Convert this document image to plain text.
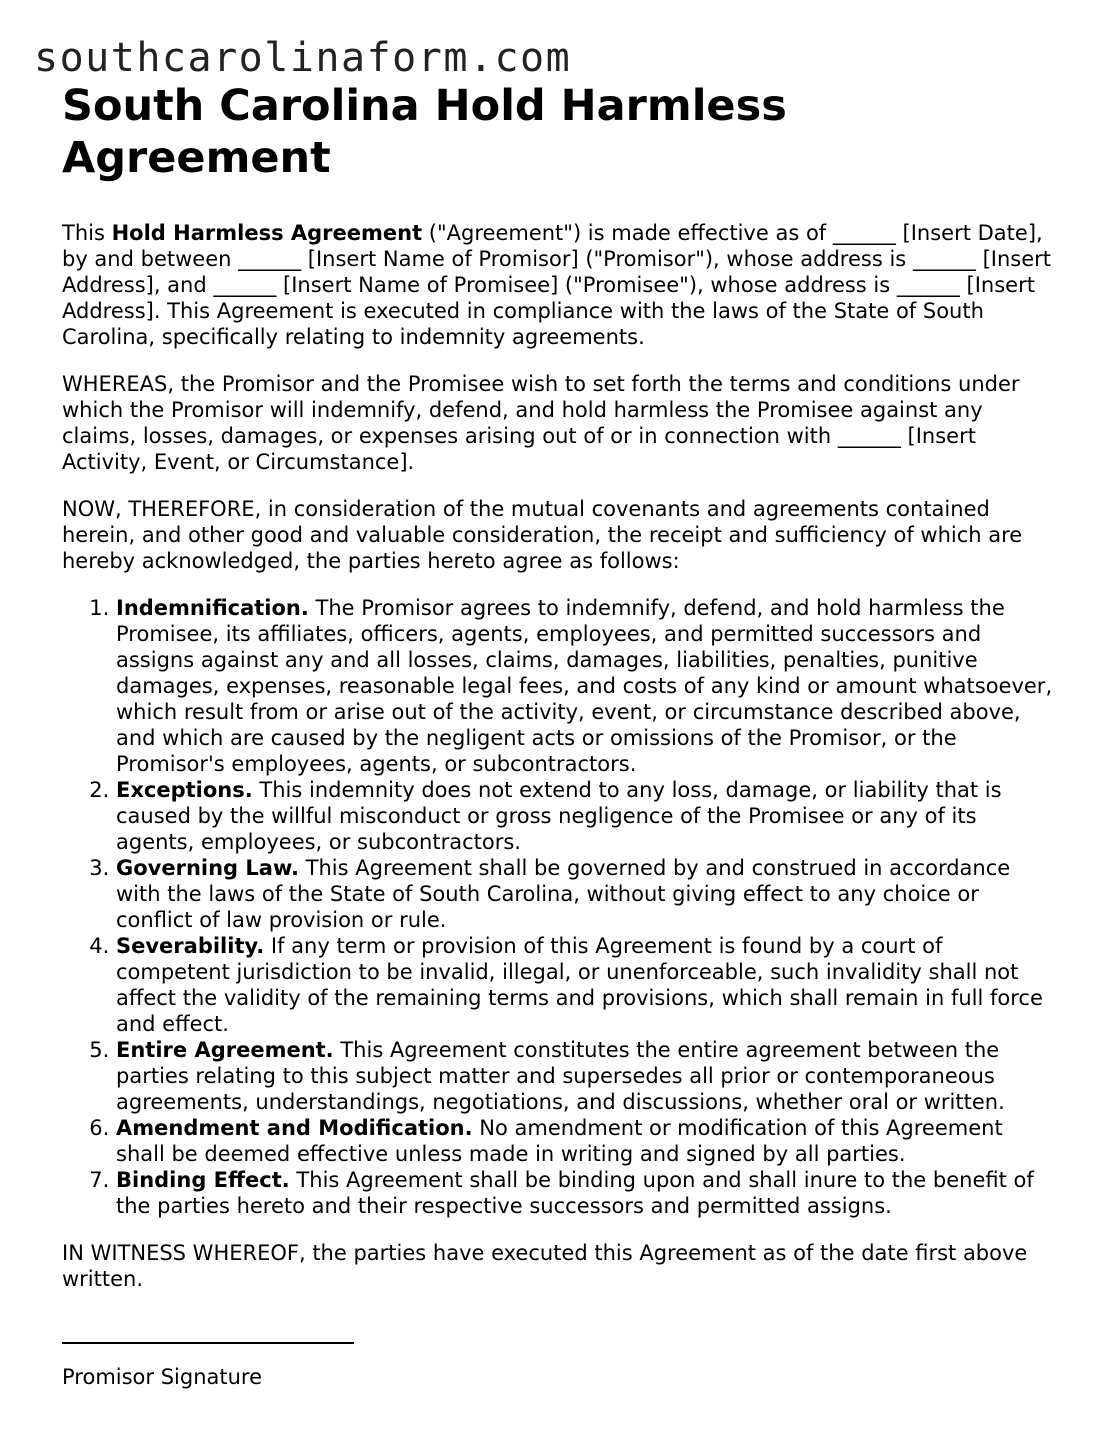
southcarolinaform.com
South Carolina Hold Harmless Agreement

This Hold Harmless Agreement ("Agreement") is made effective as of ______ [Insert Date], by and between ______ [Insert Name of Promisor] ("Promisor"), whose address is ______ [Insert Address], and ______ [Insert Name of Promisee] ("Promisee"), whose address is ______ [Insert Address]. This Agreement is executed in compliance with the laws of the State of South Carolina, specifically relating to indemnity agreements.

WHEREAS, the Promisor and the Promisee wish to set forth the terms and conditions under which the Promisor will indemnify, defend, and hold harmless the Promisee against any claims, losses, damages, or expenses arising out of or in connection with ______ [Insert Activity, Event, or Circumstance].

NOW, THEREFORE, in consideration of the mutual covenants and agreements contained herein, and other good and valuable consideration, the receipt and sufficiency of which are hereby acknowledged, the parties hereto agree as follows:

1. Indemnification. The Promisor agrees to indemnify, defend, and hold harmless the Promisee, its affiliates, officers, agents, employees, and permitted successors and assigns against any and all losses, claims, damages, liabilities, penalties, punitive damages, expenses, reasonable legal fees, and costs of any kind or amount whatsoever, which result from or arise out of the activity, event, or circumstance described above, and which are caused by the negligent acts or omissions of the Promisor, or the Promisor's employees, agents, or subcontractors.
2. Exceptions. This indemnity does not extend to any loss, damage, or liability that is caused by the willful misconduct or gross negligence of the Promisee or any of its agents, employees, or subcontractors.
3. Governing Law. This Agreement shall be governed by and construed in accordance with the laws of the State of South Carolina, without giving effect to any choice or conflict of law provision or rule.
4. Severability. If any term or provision of this Agreement is found by a court of competent jurisdiction to be invalid, illegal, or unenforceable, such invalidity shall not affect the validity of the remaining terms and provisions, which shall remain in full force and effect.
5. Entire Agreement. This Agreement constitutes the entire agreement between the parties relating to this subject matter and supersedes all prior or contemporaneous agreements, understandings, negotiations, and discussions, whether oral or written.
6. Amendment and Modification. No amendment or modification of this Agreement shall be deemed effective unless made in writing and signed by all parties.
7. Binding Effect. This Agreement shall be binding upon and shall inure to the benefit of the parties hereto and their respective successors and permitted assigns.

IN WITNESS WHEREOF, the parties have executed this Agreement as of the date first above written.

Promisor Signature
